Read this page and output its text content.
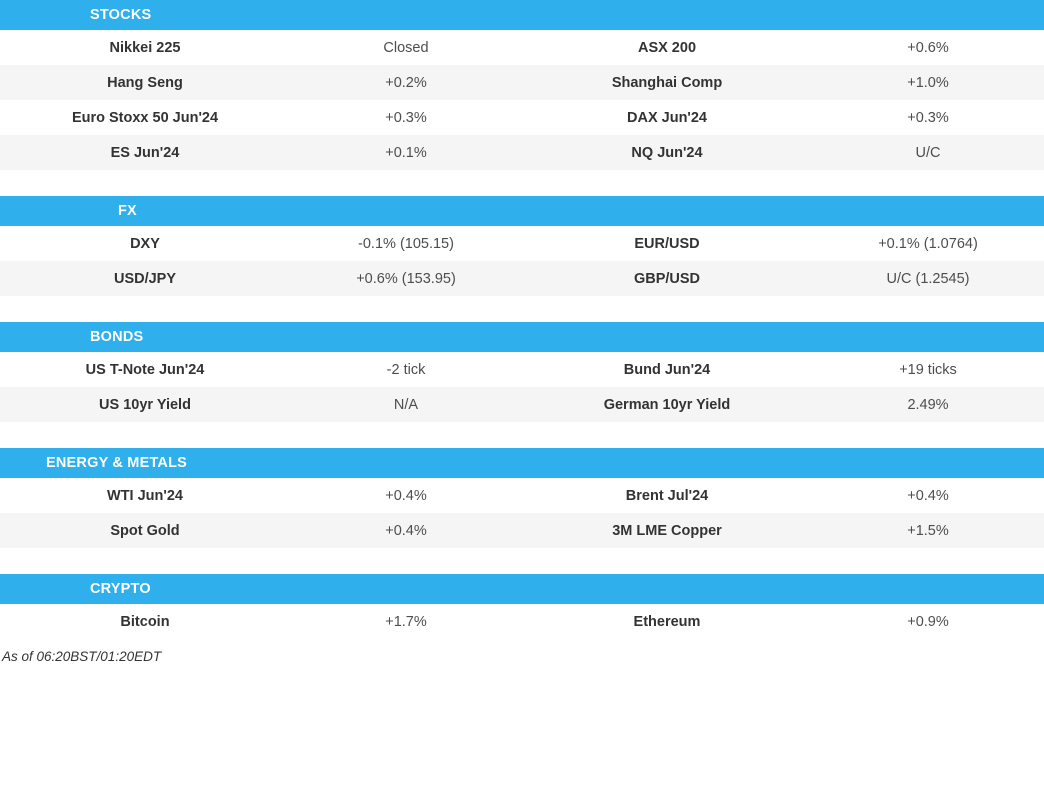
STOCKS
Nikkei 225	Closed	ASX 200	+0.6%
Hang Seng	+0.2%	Shanghai Comp	+1.0%
Euro Stoxx 50 Jun'24	+0.3%	DAX Jun'24	+0.3%
ES Jun'24	+0.1%	NQ Jun'24	U/C
FX
DXY	-0.1% (105.15)	EUR/USD	+0.1% (1.0764)
USD/JPY	+0.6% (153.95)	GBP/USD	U/C (1.2545)
BONDS
US T-Note Jun'24	-2 tick	Bund Jun'24	+19 ticks
US 10yr Yield	N/A	German 10yr Yield	2.49%
ENERGY & METALS
WTI Jun'24	+0.4%	Brent Jul'24	+0.4%
Spot Gold	+0.4%	3M LME Copper	+1.5%
CRYPTO
Bitcoin	+1.7%	Ethereum	+0.9%
As of 06:20BST/01:20EDT
